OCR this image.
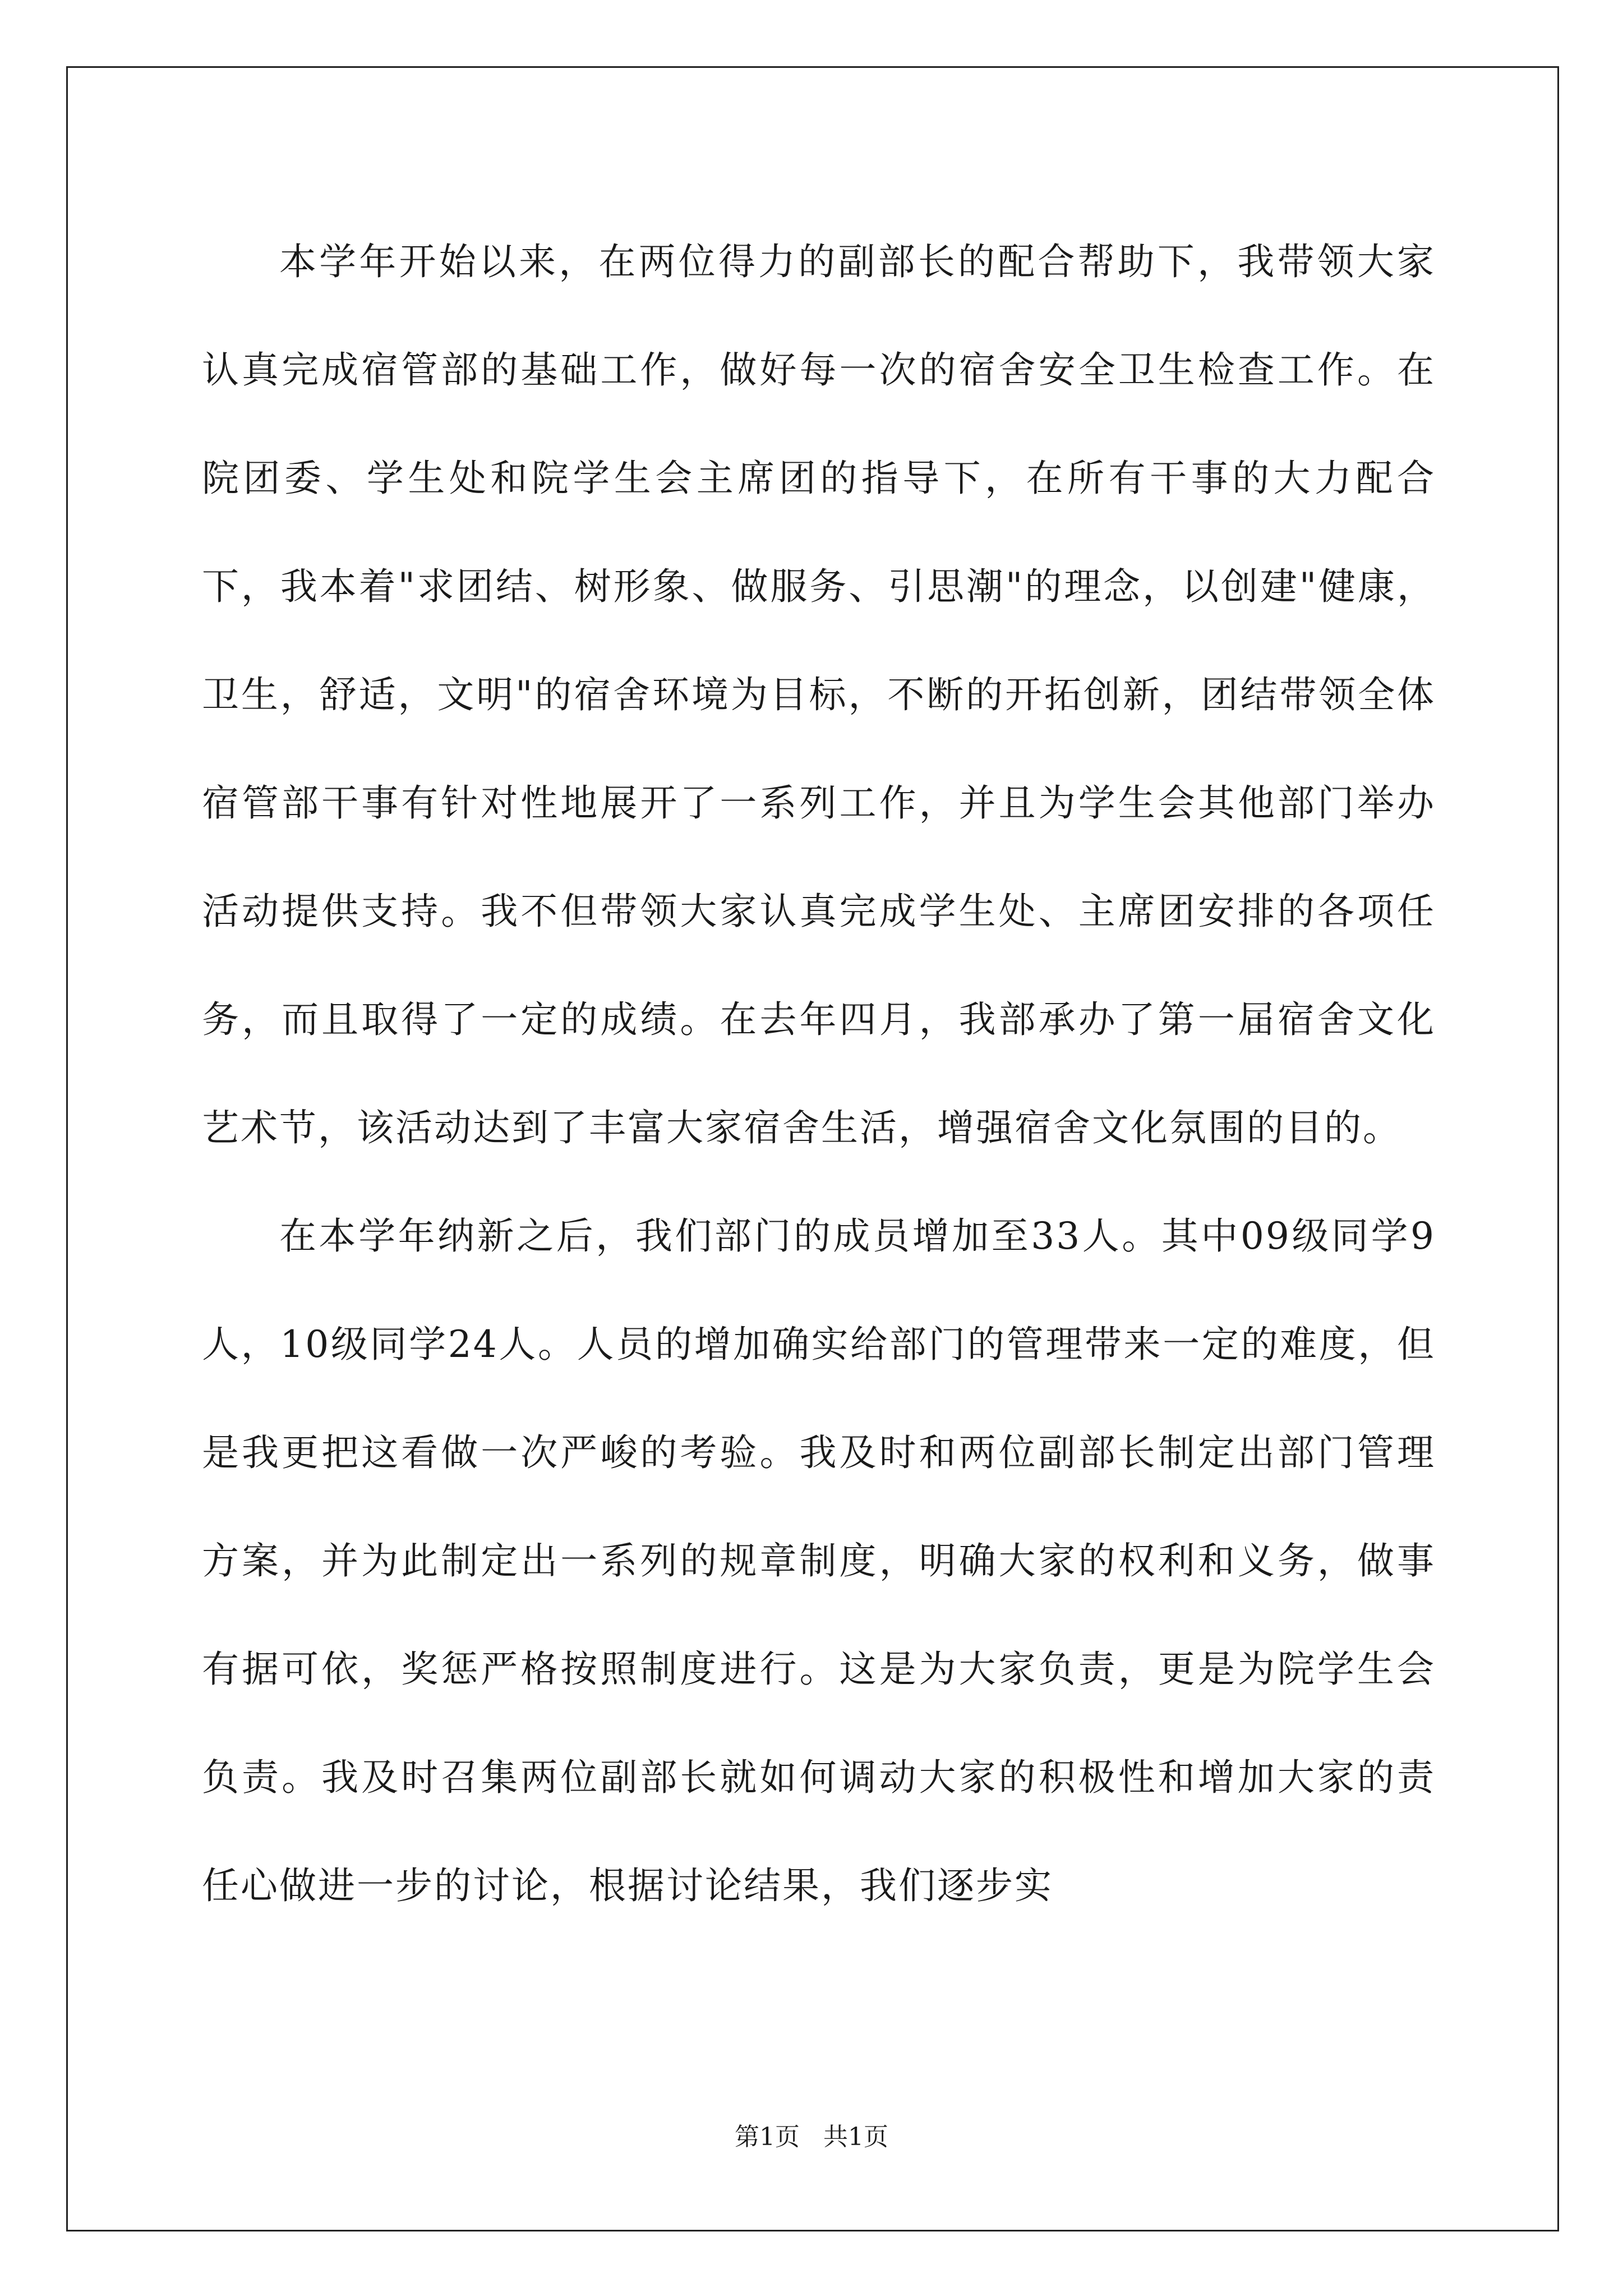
本学年开始以来，在两位得力的副部长的配合帮助下，我带领大家认真完成宿管部的基础工作，做好每一次的宿舍安全卫生检查工作。在院团委、学生处和院学生会主席团的指导下，在所有干事的大力配合下，我本着"求团结、树形象、做服务、引思潮"的理念，以创建"健康，卫生，舒适，文明"的宿舍环境为目标，不断的开拓创新，团结带领全体宿管部干事有针对性地展开了一系列工作，并且为学生会其他部门举办活动提供支持。我不但带领大家认真完成学生处、主席团安排的各项任务，而且取得了一定的成绩。在去年四月，我部承办了第一届宿舍文化艺术节，该活动达到了丰富大家宿舍生活，增强宿舍文化氛围的目的。

在本学年纳新之后，我们部门的成员增加至33人。其中09级同学9人，10级同学24人。人员的增加确实给部门的管理带来一定的难度，但是我更把这看做一次严峻的考验。我及时和两位副部长制定出部门管理方案，并为此制定出一系列的规章制度，明确大家的权利和义务，做事有据可依，奖惩严格按照制度进行。这是为大家负责，更是为院学生会负责。我及时召集两位副部长就如何调动大家的积极性和增加大家的责任心做进一步的讨论，根据讨论结果，我们逐步实

第1页   共1页
